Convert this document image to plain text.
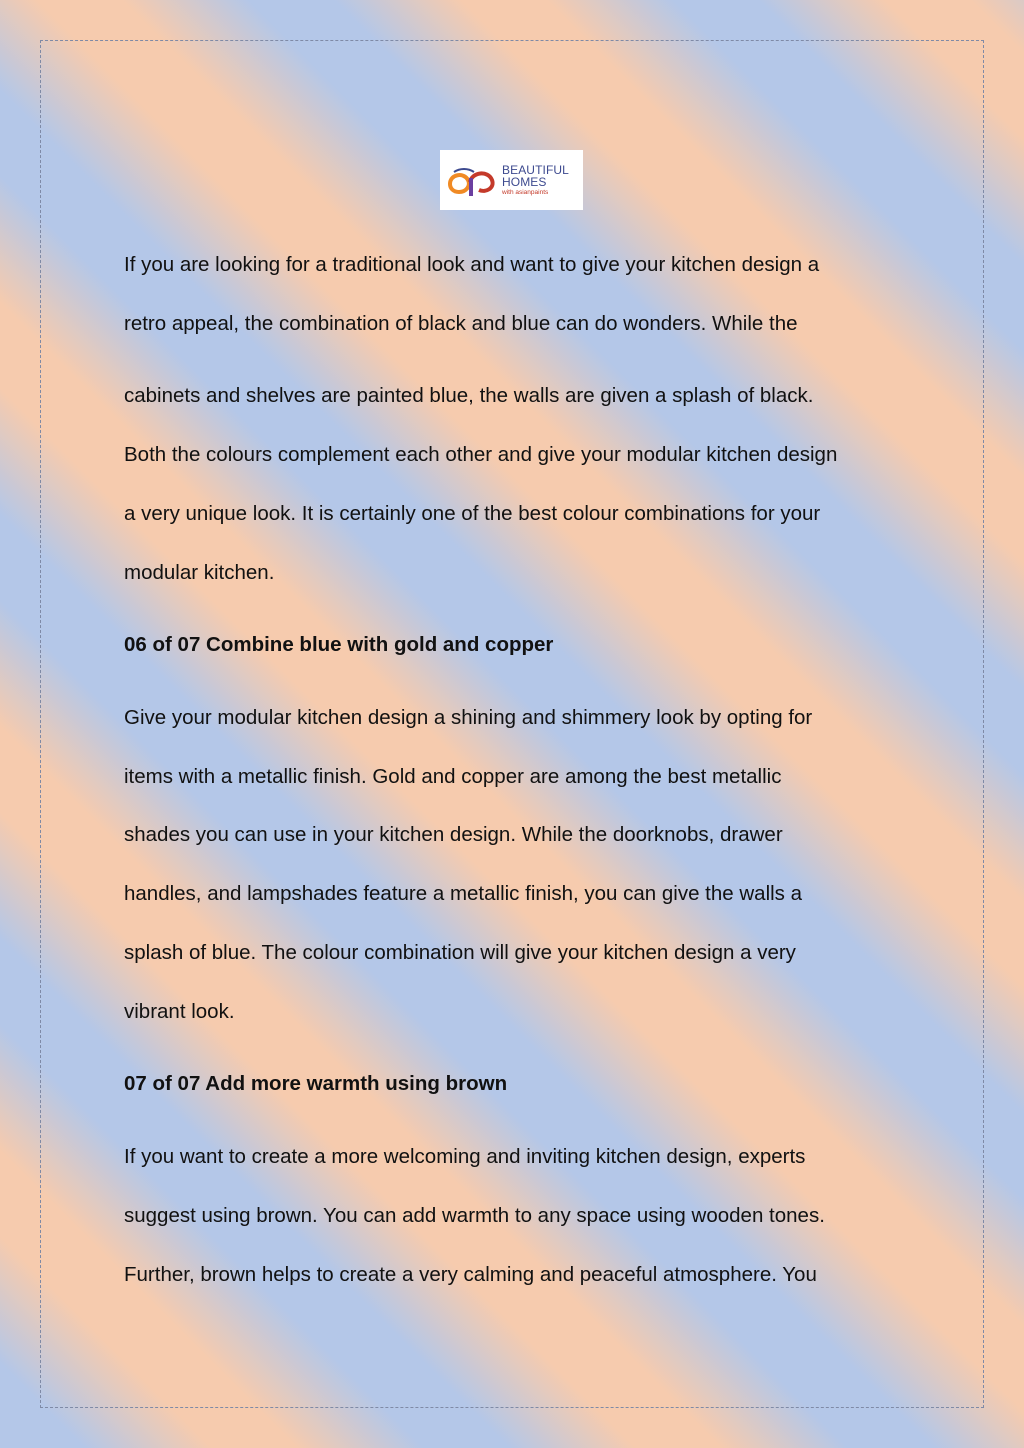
BEAUTIFUL
HOMES
with asianpaints
If you are looking for a traditional look and want to give your kitchen design a
retro appeal, the combination of black and blue can do wonders. While the
cabinets and shelves are painted blue, the walls are given a splash of black.
Both the colours complement each other and give your modular kitchen design
a very unique look. It is certainly one of the best colour combinations for your
modular kitchen.
06 of 07 Combine blue with gold and copper
Give your modular kitchen design a shining and shimmery look by opting for
items with a metallic finish. Gold and copper are among the best metallic
shades you can use in your kitchen design. While the doorknobs, drawer
handles, and lampshades feature a metallic finish, you can give the walls a
splash of blue. The colour combination will give your kitchen design a very
vibrant look.
07 of 07 Add more warmth using brown
If you want to create a more welcoming and inviting kitchen design, experts
suggest using brown. You can add warmth to any space using wooden tones.
Further, brown helps to create a very calming and peaceful atmosphere. You
